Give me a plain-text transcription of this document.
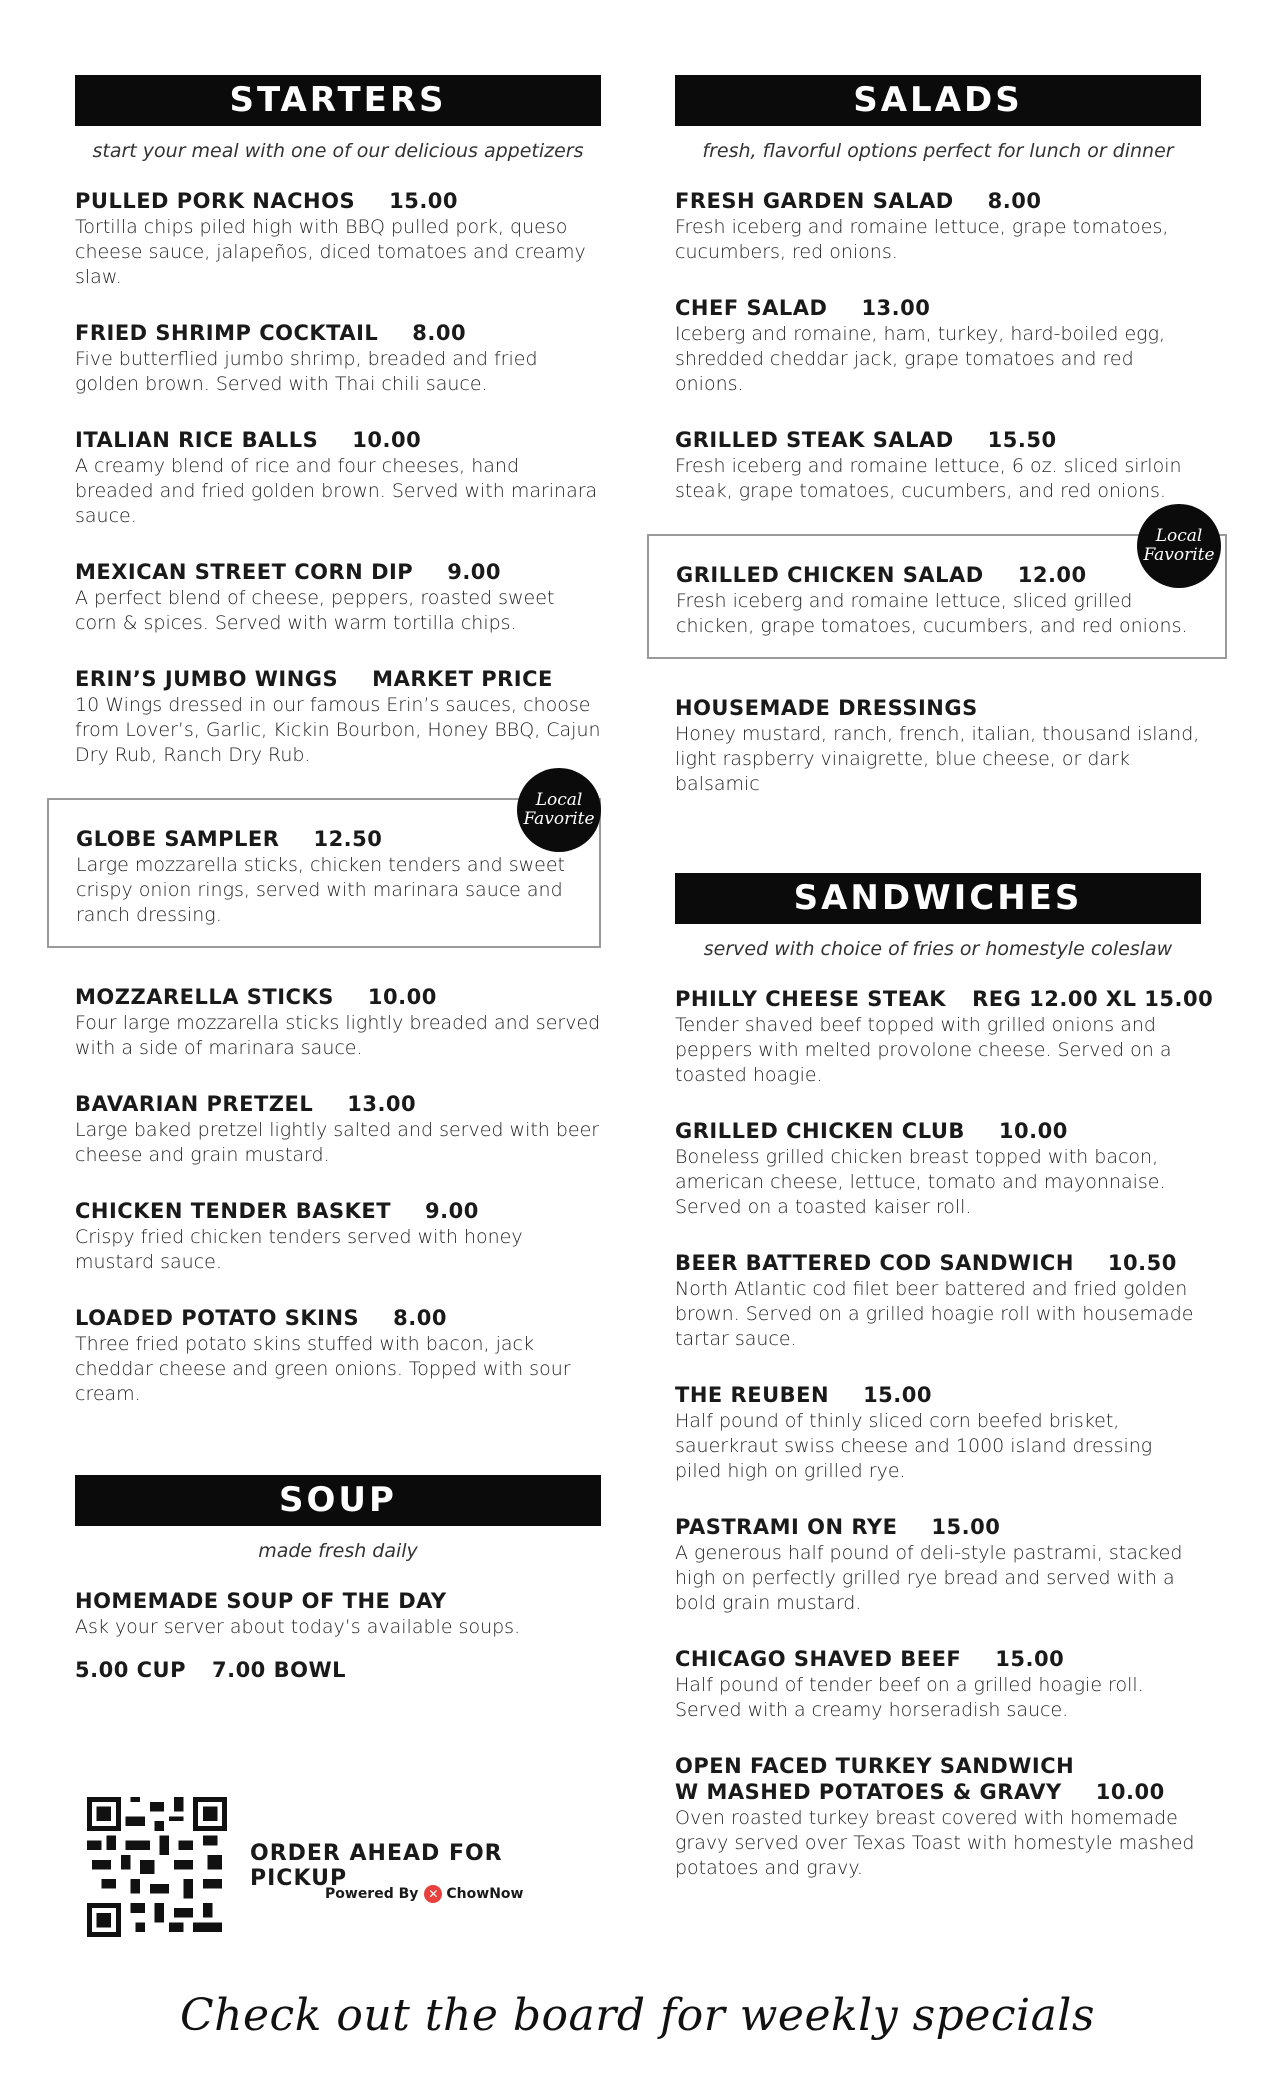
STARTERS
start your meal with one of our delicious appetizers
PULLED PORK NACHOS 15.00
Tortilla chips piled high with BBQ pulled pork, queso cheese sauce, jalapeños, diced tomatoes and creamy slaw.
FRIED SHRIMP COCKTAIL 8.00
Five butterflied jumbo shrimp, breaded and fried golden brown. Served with Thai chili sauce.
ITALIAN RICE BALLS 10.00
A creamy blend of rice and four cheeses, hand breaded and fried golden brown. Served with marinara sauce.
MEXICAN STREET CORN DIP 9.00
A perfect blend of cheese, peppers, roasted sweet corn & spices. Served with warm tortilla chips.
ERIN’S JUMBO WINGS MARKET PRICE
10 Wings dressed in our famous Erin’s sauces, choose from Lover’s, Garlic, Kickin Bourbon, Honey BBQ, Cajun Dry Rub, Ranch Dry Rub.
Local
Favorite
GLOBE SAMPLER 12.50
Large mozzarella sticks, chicken tenders and sweet crispy onion rings, served with marinara sauce and ranch dressing.
MOZZARELLA STICKS 10.00
Four large mozzarella sticks lightly breaded and served with a side of marinara sauce.
BAVARIAN PRETZEL 13.00
Large baked pretzel lightly salted and served with beer cheese and grain mustard.
CHICKEN TENDER BASKET 9.00
Crispy fried chicken tenders served with honey mustard sauce.
LOADED POTATO SKINS 8.00
Three fried potato skins stuffed with bacon, jack cheddar cheese and green onions. Topped with sour cream.
SOUP
made fresh daily
HOMEMADE SOUP OF THE DAY
Ask your server about today’s available soups.
5.00 CUP 7.00 BOWL
ORDER AHEAD FOR PICKUP
Powered By ✕ ChowNow
SALADS
fresh, flavorful options perfect for lunch or dinner
FRESH GARDEN SALAD 8.00
Fresh iceberg and romaine lettuce, grape tomatoes, cucumbers, red onions.
CHEF SALAD 13.00
Iceberg and romaine, ham, turkey, hard-boiled egg, shredded cheddar jack, grape tomatoes and red onions.
GRILLED STEAK SALAD 15.50
Fresh iceberg and romaine lettuce, 6 oz. sliced sirloin steak, grape tomatoes, cucumbers, and red onions.
Local
Favorite
GRILLED CHICKEN SALAD 12.00
Fresh iceberg and romaine lettuce, sliced grilled chicken, grape tomatoes, cucumbers, and red onions.
HOUSEMADE DRESSINGS
Honey mustard, ranch, french, italian, thousand island, light raspberry vinaigrette, blue cheese, or dark balsamic
SANDWICHES
served with choice of fries or homestyle coleslaw
PHILLY CHEESE STEAK REG 12.00 XL 15.00
Tender shaved beef topped with grilled onions and peppers with melted provolone cheese. Served on a toasted hoagie.
GRILLED CHICKEN CLUB 10.00
Boneless grilled chicken breast topped with bacon, american cheese, lettuce, tomato and mayonnaise. Served on a toasted kaiser roll.
BEER BATTERED COD SANDWICH 10.50
North Atlantic cod filet beer battered and fried golden brown. Served on a grilled hoagie roll with housemade tartar sauce.
THE REUBEN 15.00
Half pound of thinly sliced corn beefed brisket, sauerkraut swiss cheese and 1000 island dressing piled high on grilled rye.
PASTRAMI ON RYE 15.00
A generous half pound of deli-style pastrami, stacked high on perfectly grilled rye bread and served with a bold grain mustard.
CHICAGO SHAVED BEEF 15.00
Half pound of tender beef on a grilled hoagie roll. Served with a creamy horseradish sauce.
OPEN FACED TURKEY SANDWICH
W MASHED POTATOES & GRAVY 10.00
Oven roasted turkey breast covered with homemade gravy served over Texas Toast with homestyle mashed potatoes and gravy.
Check out the board for weekly specials
